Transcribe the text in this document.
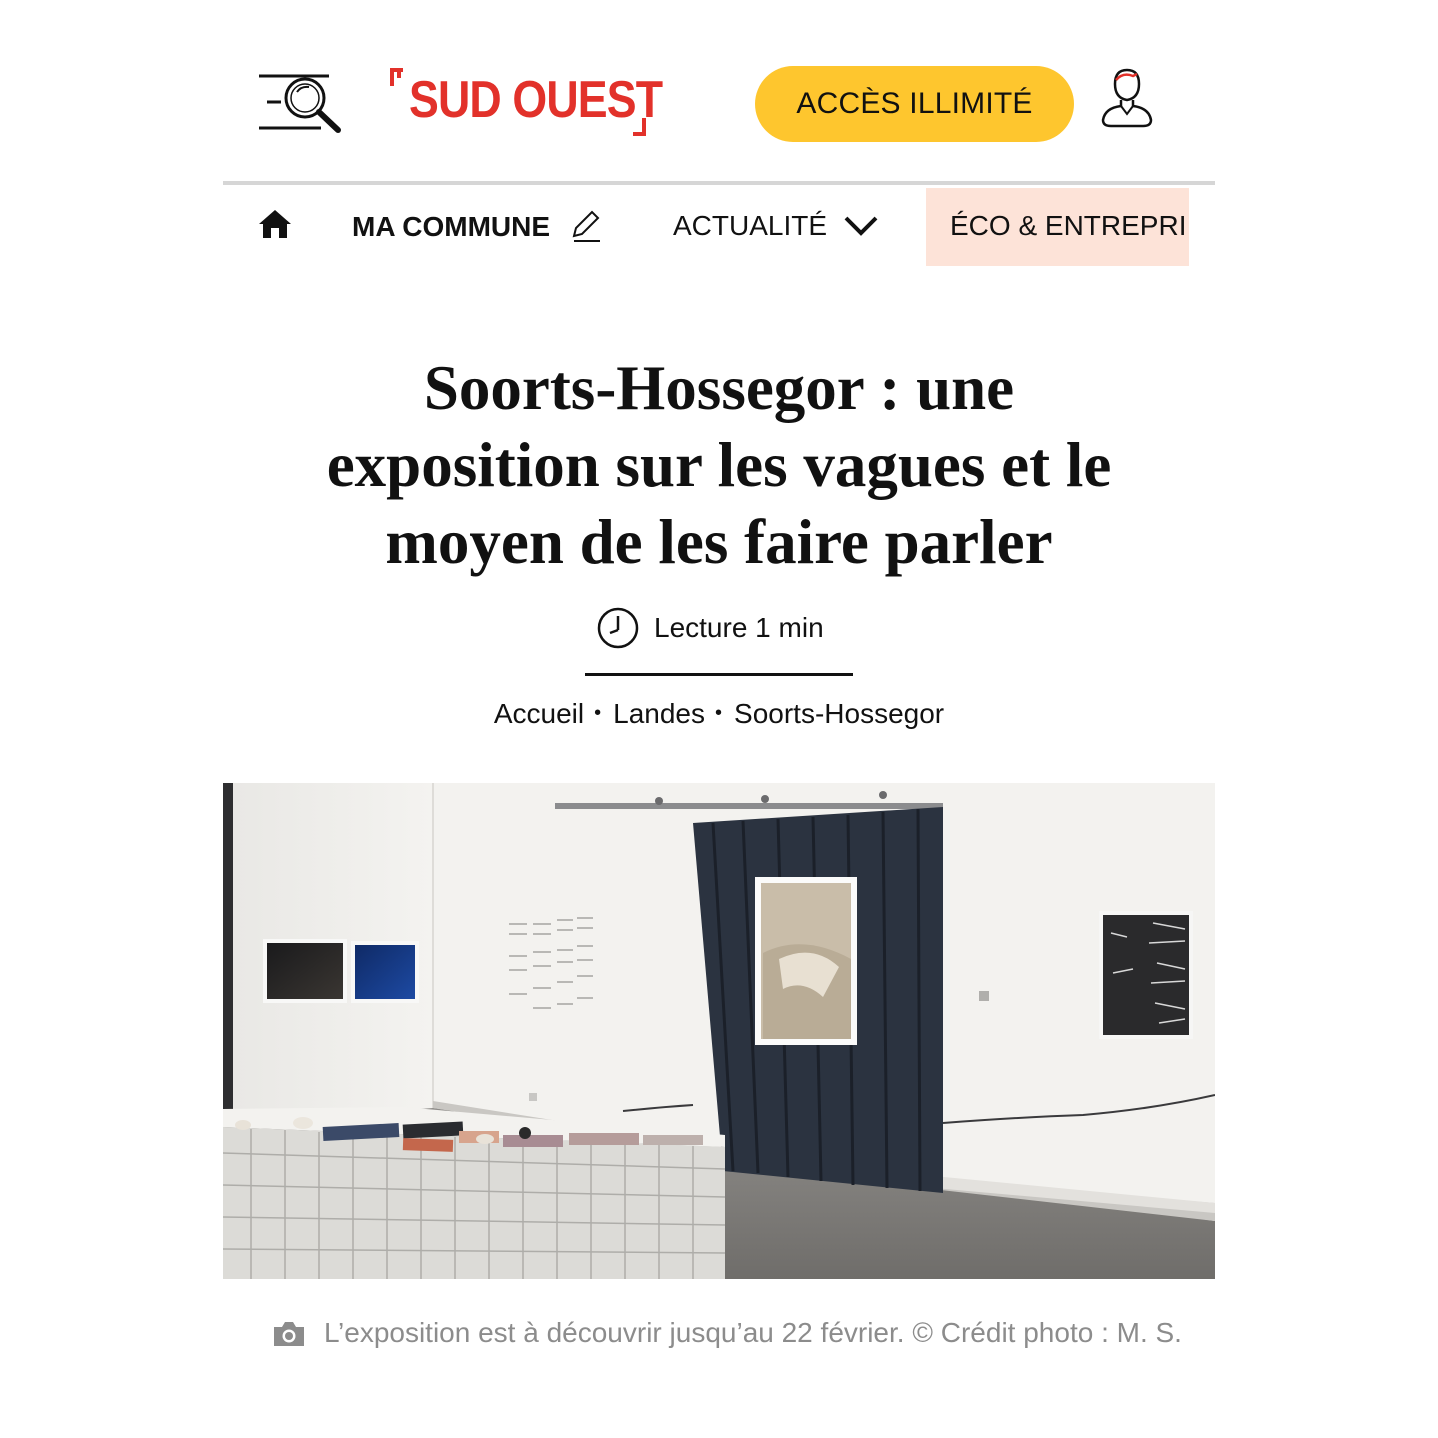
SUD OUEST	ACCÈS ILLIMITÉ
MA COMMUNE	ACTUALITÉ	ÉCO & ENTREPRI
Soorts-Hossegor : une exposition sur les vagues et le moyen de les faire parler
Lecture 1 min
Accueil • Landes • Soorts-Hossegor

L’exposition est à découvrir jusqu’au 22 février. © Crédit photo : M. S.
